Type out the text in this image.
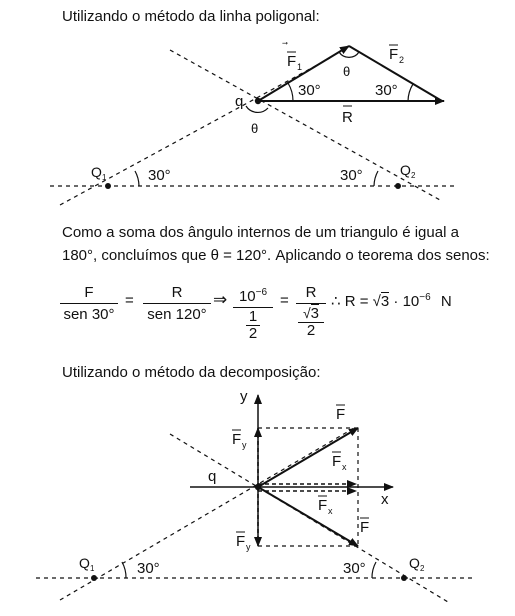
Utilizando o método da linha poligonal:
F 1
F 2
θ
30°	30°
R
q
θ
Q 1	30°	30°	Q 2
y
x
q
F y
F y
F
F
F x
F x
Q 1	30°	30°	Q 2
Como a soma dos ângulo internos de um triangulo é igual a
180°, concluímos que θ = 120°. Aplicando o teorema dos senos:
F
sen 30°
=	R
sen 120°
⇒ $10^{-6}$
$\frac{1}{2}$
=	R
$\frac{√3}{2}$
∴ $R = √3 \cdot 10^{-6}$ N
Utilizando o método da decomposição:
